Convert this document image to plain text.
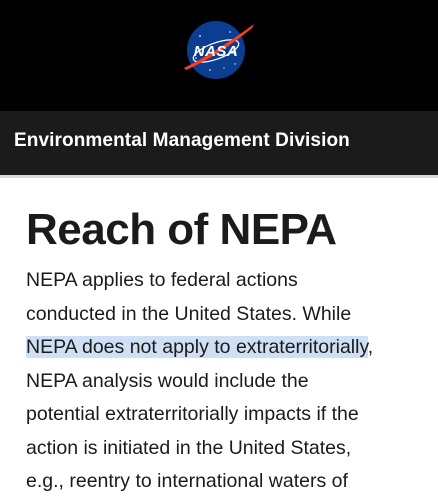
NASA
Environmental Management Division
Reach of NEPA

NEPA applies to federal actions
conducted in the United States. While
NEPA does not apply to extraterritorially,
NEPA analysis would include the
potential extraterritorially impacts if the
action is initiated in the United States,
e.g., reentry to international waters of
